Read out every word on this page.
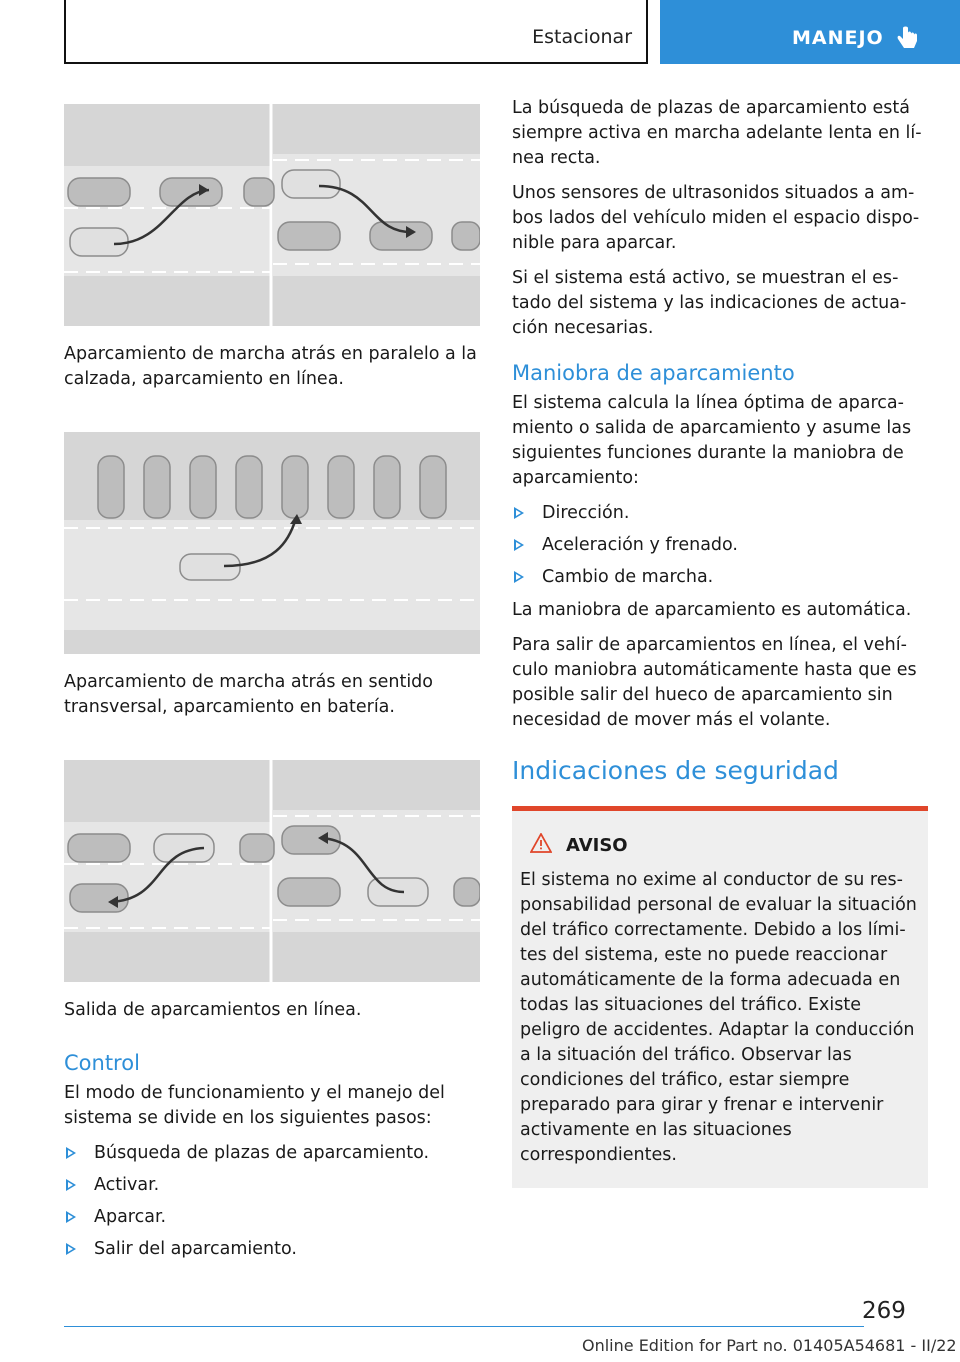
Estacionar	MANEJO
Aparcamiento de marcha atrás en paralelo a la calzada, aparcamiento en línea.
Aparcamiento de marcha atrás en sentido transversal, aparcamiento en batería.
Salida de aparcamientos en línea.
Control

El modo de funcionamiento y el manejo del sistema se divide en los siguientes pasos:

Búsqueda de plazas de aparcamiento.
Activar.
Aparcar.
Salir del aparcamiento.

La búsqueda de plazas de aparcamiento está siempre activa en marcha adelante lenta en línea recta.

Unos sensores de ultrasonidos situados a ambos lados del vehículo miden el espacio disponible para aparcar.

Si el sistema está activo, se muestran el estado del sistema y las indicaciones de actuación necesarias.

Maniobra de aparcamiento

El sistema calcula la línea óptima de aparcamiento o salida de aparcamiento y asume las siguientes funciones durante la maniobra de aparcamiento:

Dirección.
Aceleración y frenado.
Cambio de marcha.

La maniobra de aparcamiento es automática.

Para salir de aparcamientos en línea, el vehículo maniobra automáticamente hasta que es posible salir del hueco de aparcamiento sin necesidad de mover más el volante.

Indicaciones de seguridad
AVISO

El sistema no exime al conductor de su responsabilidad personal de evaluar la situación del tráfico correctamente. Debido a los límites del sistema, este no puede reaccionar automáticamente de la forma adecuada en todas las situaciones del tráfico. Existe peligro de accidentes. Adaptar la conducción a la situación del tráfico. Observar las condiciones del tráfico, estar siempre preparado para girar y frenar e intervenir activamente en las situaciones correspondientes.

269
Online Edition for Part no. 01405A54681 - II/22
